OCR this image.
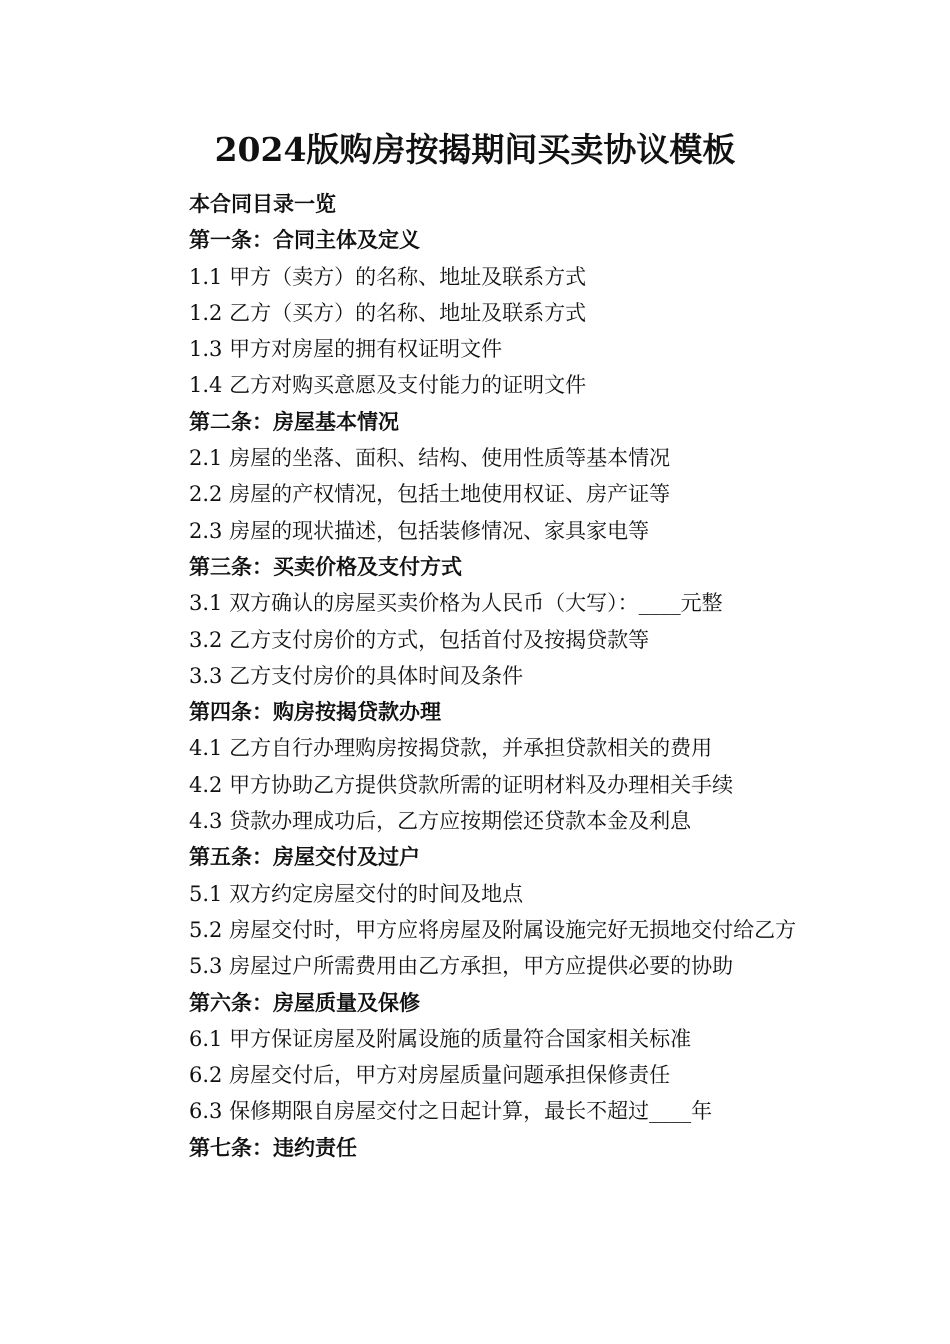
2024版购房按揭期间买卖协议模板
本合同目录一览
第一条：合同主体及定义
1.1 甲方（卖方）的名称、地址及联系方式
1.2 乙方（买方）的名称、地址及联系方式
1.3 甲方对房屋的拥有权证明文件
1.4 乙方对购买意愿及支付能力的证明文件
第二条：房屋基本情况
2.1 房屋的坐落、面积、结构、使用性质等基本情况
2.2 房屋的产权情况，包括土地使用权证、房产证等
2.3 房屋的现状描述，包括装修情况、家具家电等
第三条：买卖价格及支付方式
3.1 双方确认的房屋买卖价格为人民币（大写）：____元整
3.2 乙方支付房价的方式，包括首付及按揭贷款等
3.3 乙方支付房价的具体时间及条件
第四条：购房按揭贷款办理
4.1 乙方自行办理购房按揭贷款，并承担贷款相关的费用
4.2 甲方协助乙方提供贷款所需的证明材料及办理相关手续
4.3 贷款办理成功后，乙方应按期偿还贷款本金及利息
第五条：房屋交付及过户
5.1 双方约定房屋交付的时间及地点
5.2 房屋交付时，甲方应将房屋及附属设施完好无损地交付给乙方
5.3 房屋过户所需费用由乙方承担，甲方应提供必要的协助
第六条：房屋质量及保修
6.1 甲方保证房屋及附属设施的质量符合国家相关标准
6.2 房屋交付后，甲方对房屋质量问题承担保修责任
6.3 保修期限自房屋交付之日起计算，最长不超过____年
第七条：违约责任
